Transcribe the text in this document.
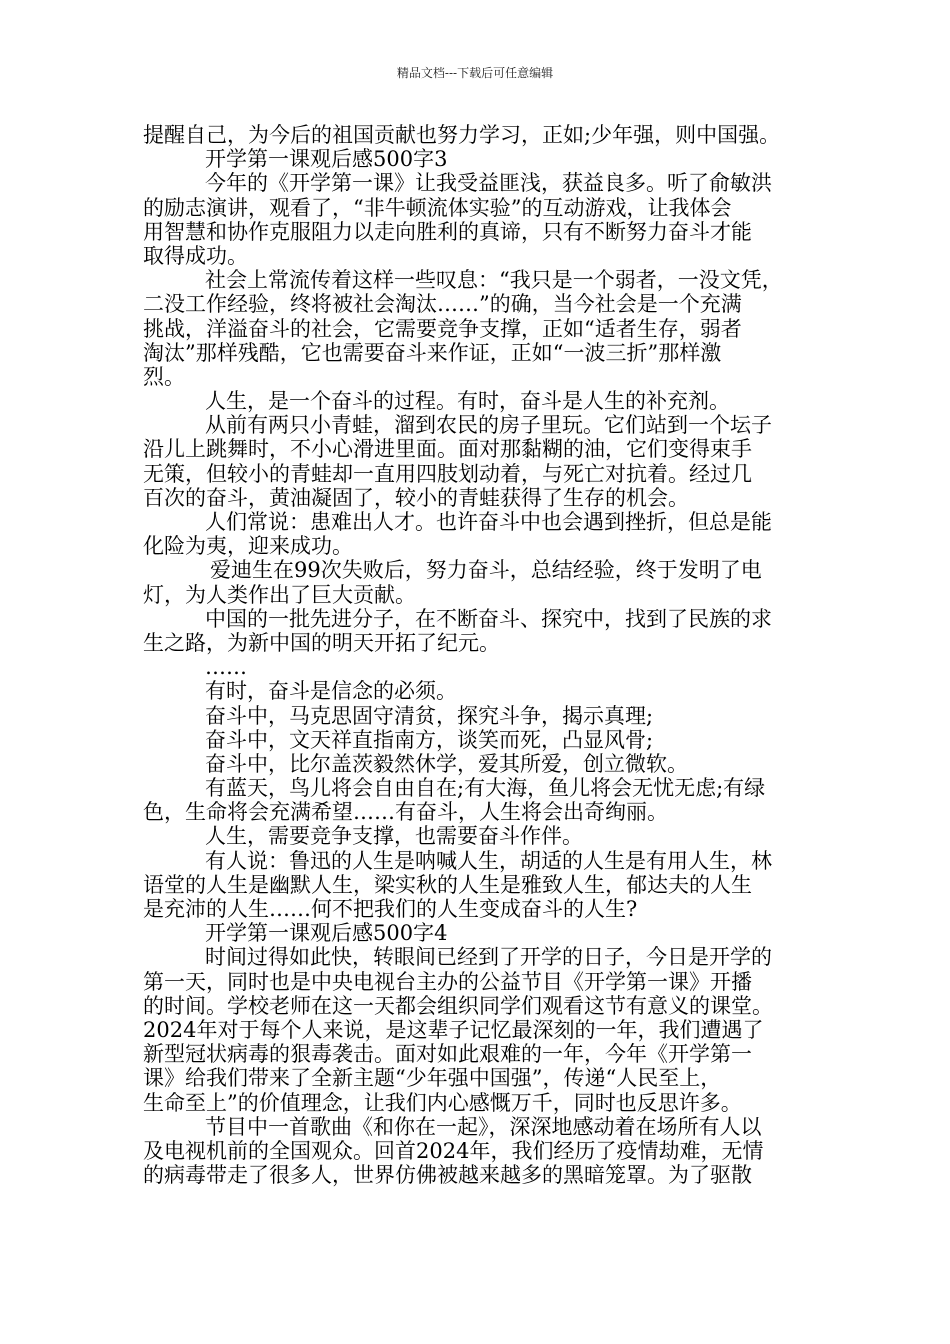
精品文档---下载后可任意编辑
提醒自己，为今后的祖国贡献也努力学习，正如;少年强，则中国强。
开学第一课观后感500字3
今年的《开学第一课》让我受益匪浅，获益良多。听了俞敏洪
的励志演讲，观看了，“非牛顿流体实验”的互动游戏，让我体会
用智慧和协作克服阻力以走向胜利的真谛，只有不断努力奋斗才能
取得成功。
社会上常流传着这样一些叹息：“我只是一个弱者，一没文凭，
二没工作经验，终将被社会淘汰……”的确，当今社会是一个充满
挑战，洋溢奋斗的社会，它需要竞争支撑，正如“适者生存，弱者
淘汰”那样残酷，它也需要奋斗来作证，正如“一波三折”那样激
烈。
人生，是一个奋斗的过程。有时，奋斗是人生的补充剂。
从前有两只小青蛙，溜到农民的房子里玩。它们站到一个坛子
沿儿上跳舞时，不小心滑进里面。面对那黏糊的油，它们变得束手
无策，但较小的青蛙却一直用四肢划动着，与死亡对抗着。经过几
百次的奋斗，黄油凝固了，较小的青蛙获得了生存的机会。
人们常说：患难出人才。也许奋斗中也会遇到挫折，但总是能
化险为夷，迎来成功。
爱迪生在99次失败后，努力奋斗，总结经验，终于发明了电
灯，为人类作出了巨大贡献。
中国的一批先进分子，在不断奋斗、探究中，找到了民族的求
生之路，为新中国的明天开拓了纪元。
……
有时，奋斗是信念的必须。
奋斗中，马克思固守清贫，探究斗争，揭示真理;
奋斗中，文天祥直指南方，谈笑而死，凸显风骨;
奋斗中，比尔盖茨毅然休学，爱其所爱，创立微软。
有蓝天，鸟儿将会自由自在;有大海，鱼儿将会无忧无虑;有绿
色，生命将会充满希望……有奋斗，人生将会出奇绚丽。
人生，需要竞争支撑，也需要奋斗作伴。
有人说：鲁迅的人生是呐喊人生，胡适的人生是有用人生，林
语堂的人生是幽默人生，梁实秋的人生是雅致人生，郁达夫的人生
是充沛的人生……何不把我们的人生变成奋斗的人生?
开学第一课观后感500字4
时间过得如此快，转眼间已经到了开学的日子，今日是开学的
第一天，同时也是中央电视台主办的公益节目《开学第一课》开播
的时间。学校老师在这一天都会组织同学们观看这节有意义的课堂。
2024年对于每个人来说，是这辈子记忆最深刻的一年，我们遭遇了
新型冠状病毒的狠毒袭击。面对如此艰难的一年，今年《开学第一
课》给我们带来了全新主题“少年强中国强”，传递“人民至上，
生命至上”的价值理念，让我们内心感慨万千，同时也反思许多。
节目中一首歌曲《和你在一起》，深深地感动着在场所有人以
及电视机前的全国观众。回首2024年，我们经历了疫情劫难，无情
的病毒带走了很多人，世界仿佛被越来越多的黑暗笼罩。为了驱散
